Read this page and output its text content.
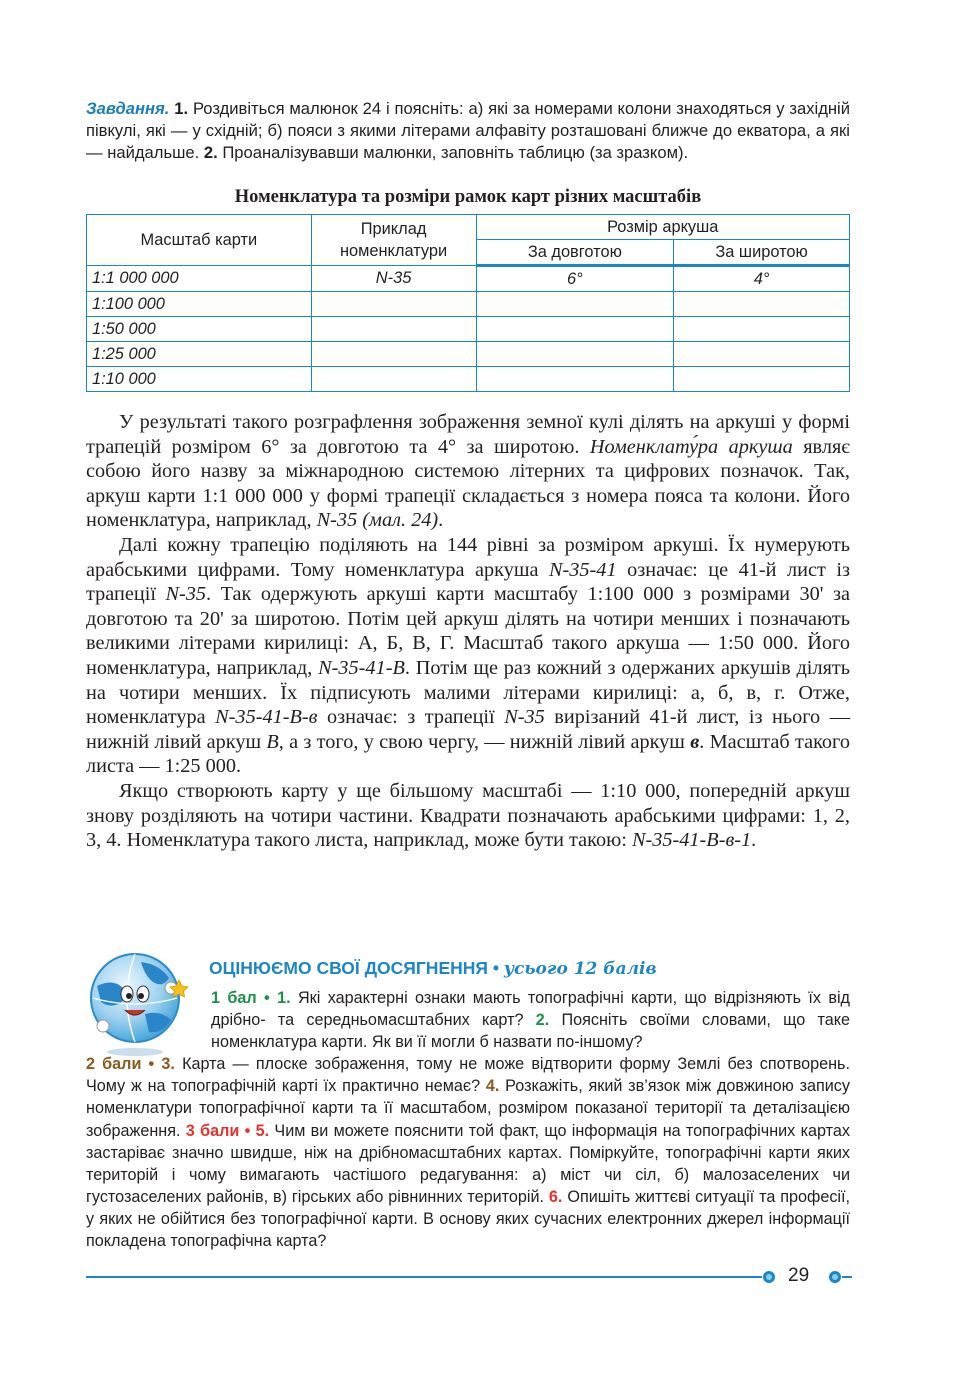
Завдання. 1. Роздивіться малюнок 24 і поясніть: а) які за номерами колони знаходяться у західній півкулі, які — у східній; б) пояси з якими літерами алфавіту розташовані ближче до екватора, а які — найдальше. 2. Проаналізувавши малюнки, заповніть таблицю (за зразком).
Номенклатура та розміри рамок карт різних масштабів
Масштаб карти	Приклад номенклатури	Розмір аркуша	
		За довготою	За широтою
1:1 000 000	N-35	6°	4°
1:100 000			
1:50 000			
1:25 000			
1:10 000			

У результаті такого розграфлення зображення земної кулі ділять на аркуші у формі трапецій розміром 6° за довготою та 4° за широтою. Номенклату́ра аркуша являє собою його назву за міжнародною системою літерних та цифрових позначок. Так, аркуш карти 1:1 000 000 у формі трапеції складається з номера пояса та колони. Його номенклатура, наприклад, N-35 (мал. 24).

Далі кожну трапецію поділяють на 144 рівні за розміром аркуші. Їх нумерують арабськими цифрами. Тому номенклатура аркуша N-35-41 означає: це 41-й лист із трапеції N-35. Так одержують аркуші карти масштабу 1:100 000 з розмірами 30' за довготою та 20' за широтою. Потім цей аркуш ділять на чотири менших і позначають великими літерами кирилиці: А, Б, В, Г. Масштаб такого аркуша — 1:50 000. Його номенклатура, наприклад, N-35-41-В. Потім ще раз кожний з одержаних аркушів ділять на чотири менших. Їх підписують малими літерами кирилиці: а, б, в, г. Отже, номенклатура N-35-41-В-в означає: з трапеції N-35 вирізаний 41-й лист, із нього — нижній лівий аркуш В, а з того, у свою чергу, — нижній лівий аркуш в. Масштаб такого листа — 1:25 000.

Якщо створюють карту у ще більшому масштабі — 1:10 000, попередній аркуш знову розділяють на чотири частини. Квадрати позначають арабськими цифрами: 1, 2, 3, 4. Номенклатура такого листа, наприклад, може бути такою: N-35-41-В-в-1.

ОЦІНЮЄМО СВОЇ ДОСЯГНЕННЯ • усього 12 балів

1 бал • 1. Які характерні ознаки мають топографічні карти, що відрізняють їх від дрібно- та середньомасштабних карт? 2. Поясніть своїми словами, що таке номенклатура карти. Як ви її могли б назвати по-іншому?

2 бали • 3. Карта — плоске зображення, тому не може відтворити форму Землі без спотворень. Чому ж на топографічній карті їх практично немає? 4. Розкажіть, який зв’язок між довжиною запису номенклатури топографічної карти та її масштабом, розміром показаної території та деталізацією зображення. 3 бали • 5. Чим ви можете пояснити той факт, що інформація на топографічних картах застаріває значно швидше, ніж на дрібномасштабних картах. Поміркуйте, топографічні карти яких територій і чому вимагають частішого редагування: а) міст чи сіл, б) малозаселених чи густозаселених районів, в) гірських або рівнинних територій. 6. Опишіть життєві ситуації та професії, у яких не обійтися без топографічної карти. В основу яких сучасних електронних джерел інформації покладена топографічна карта?

29
